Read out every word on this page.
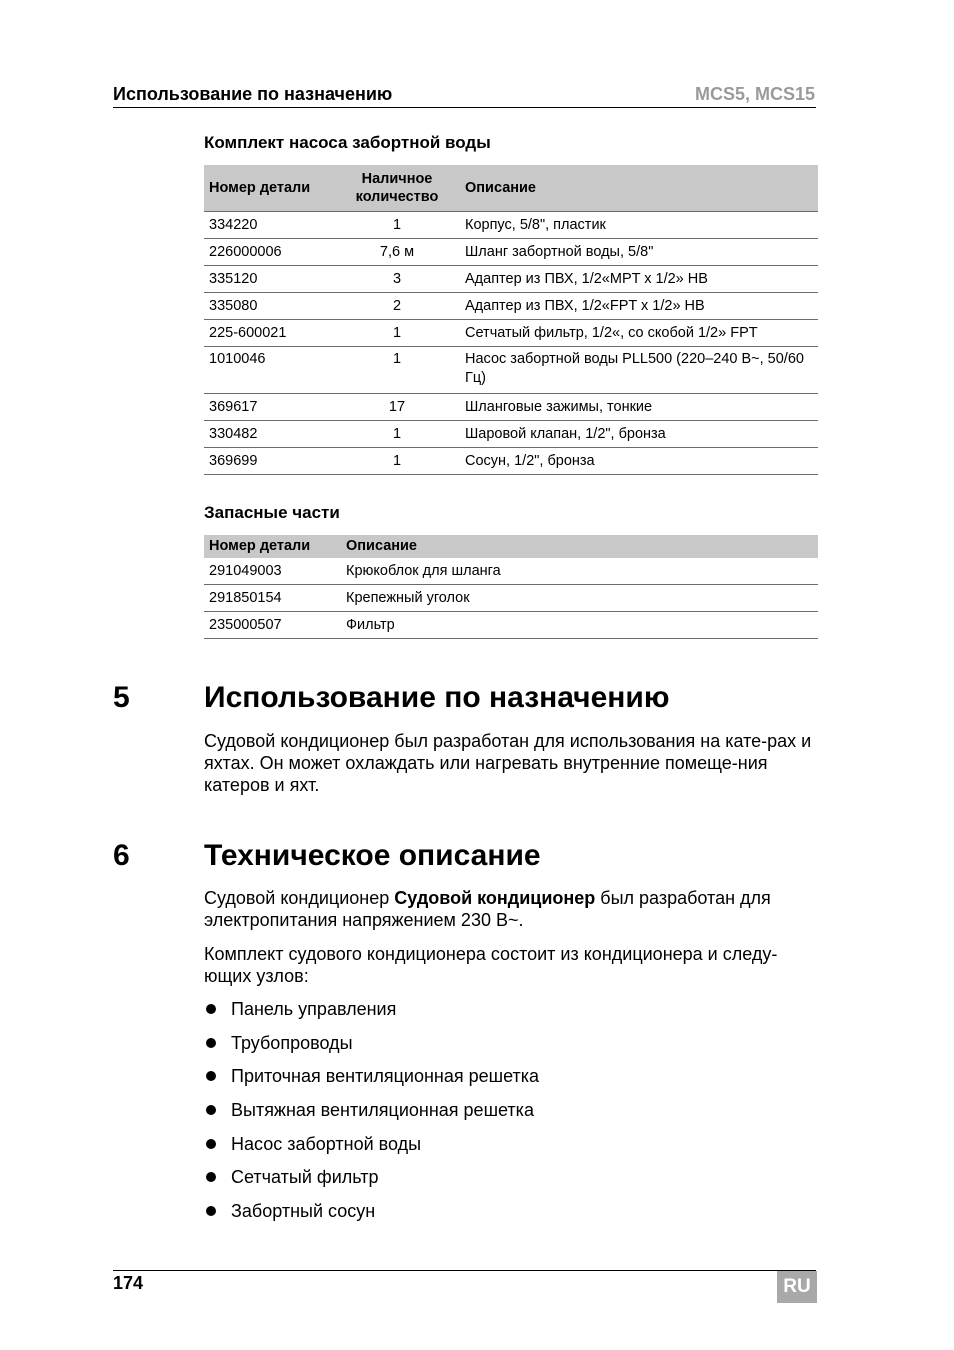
Использование по назначению	MCS5, MCS15
Комплект насоса забортной воды
Номер детали	Наличное количество	Описание
334220	1	Корпус, 5/8", пластик
226000006	7,6 м	Шланг забортной воды, 5/8"
335120	3	Адаптер из ПВХ, 1/2«MPT x 1/2» HB
335080	2	Адаптер из ПВХ, 1/2«FPT x 1/2» HB
225-600021	1	Сетчатый фильтр, 1/2«, со скобой 1/2» FPT
1010046	1	Насос забортной воды PLL500 (220–240 В~, 50/60 Гц)
369617	17	Шланговые зажимы, тонкие
330482	1	Шаровой клапан, 1/2", бронза
369699	1	Сосун, 1/2", бронза
Запасные части
Номер детали	Описание
291049003	Крюкоблок для шланга
291850154	Крепежный уголок
235000507	Фильтр
5 Использование по назначению

Судовой кондиционер был разработан для использования на кате-рах и яхтах. Он может охлаждать или нагревать внутренние помеще-ния катеров и яхт.

6 Техническое описание

Судовой кондиционер Судовой кондиционер был разработан для электропитания напряжением 230 В~.

Комплект судового кондиционера состоит из кондиционера и следу-ющих узлов:

Панель управления
Трубопроводы
Приточная вентиляционная решетка
Вытяжная вентиляционная решетка
Насос забортной воды
Сетчатый фильтр
Забортный сосун
174	RU
